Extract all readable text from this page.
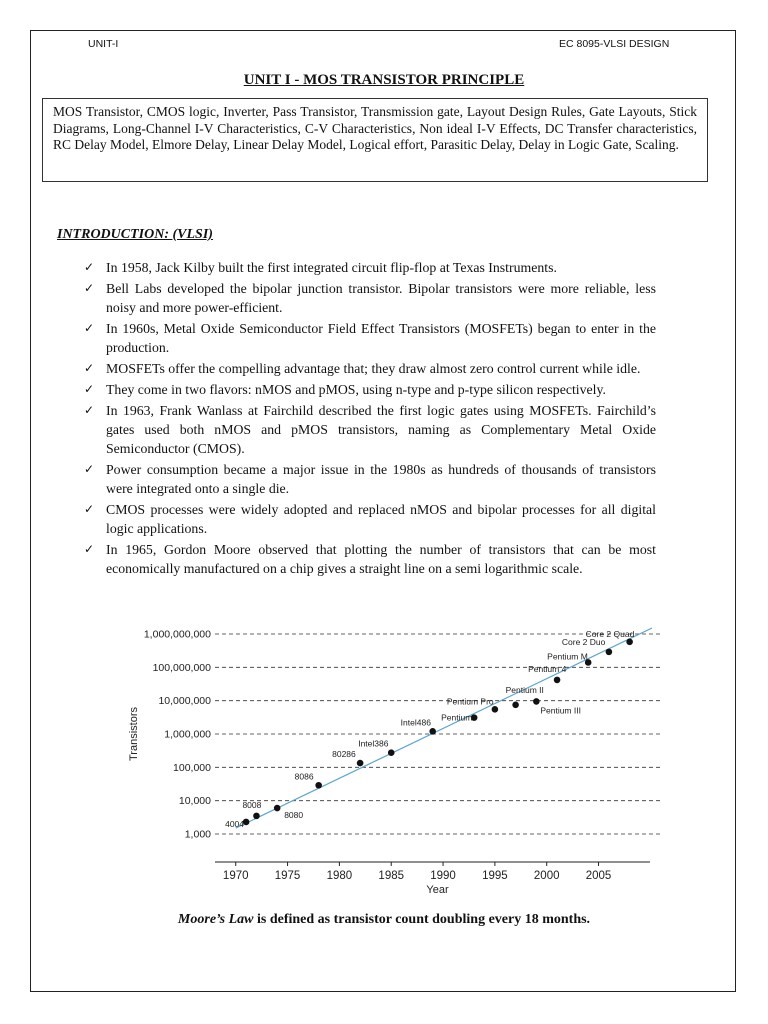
UNIT-I	EC 8095-VLSI DESIGN
UNIT I - MOS TRANSISTOR PRINCIPLE
MOS Transistor, CMOS logic, Inverter, Pass Transistor, Transmission gate, Layout Design Rules, Gate Layouts, Stick Diagrams, Long-Channel I-V Characteristics, C-V Characteristics, Non ideal I-V Effects, DC Transfer characteristics, RC Delay Model, Elmore Delay, Linear Delay Model, Logical effort, Parasitic Delay, Delay in Logic Gate, Scaling.
INTRODUCTION: (VLSI)
✓ In 1958, Jack Kilby built the first integrated circuit flip-flop at Texas Instruments.
✓ Bell Labs developed the bipolar junction transistor. Bipolar transistors were more reliable, less noisy and more power-efficient.
✓ In 1960s, Metal Oxide Semiconductor Field Effect Transistors (MOSFETs) began to enter in the production.
✓ MOSFETs offer the compelling advantage that; they draw almost zero control current while idle.
✓ They come in two flavors: nMOS and pMOS, using n-type and p-type silicon respectively.
✓ In 1963, Frank Wanlass at Fairchild described the first logic gates using MOSFETs. Fairchild’s gates used both nMOS and pMOS transistors, naming as Complementary Metal Oxide Semiconductor (CMOS).
✓ Power consumption became a major issue in the 1980s as hundreds of thousands of transistors were integrated onto a single die.
✓ CMOS processes were widely adopted and replaced nMOS and bipolar processes for all digital logic applications.
✓ In 1965, Gordon Moore observed that plotting the number of transistors that can be most economically manufactured on a chip gives a straight line on a semi logarithmic scale.
1,000
10,000
100,000
1,000,000
10,000,000
100,000,000
1,000,000,000
1970 1975 1980 1985 1990 1995 2000 2005
Year
Transistors
4004
8008
8080
8086
80286
Intel386
Intel486 Pentium
Pentium Pro
Pentium II
Pentium III
Pentium 4
Pentium M
Core 2 Duo
Core 2 Quad
Moore’s Law is defined as transistor count doubling every 18 months.
